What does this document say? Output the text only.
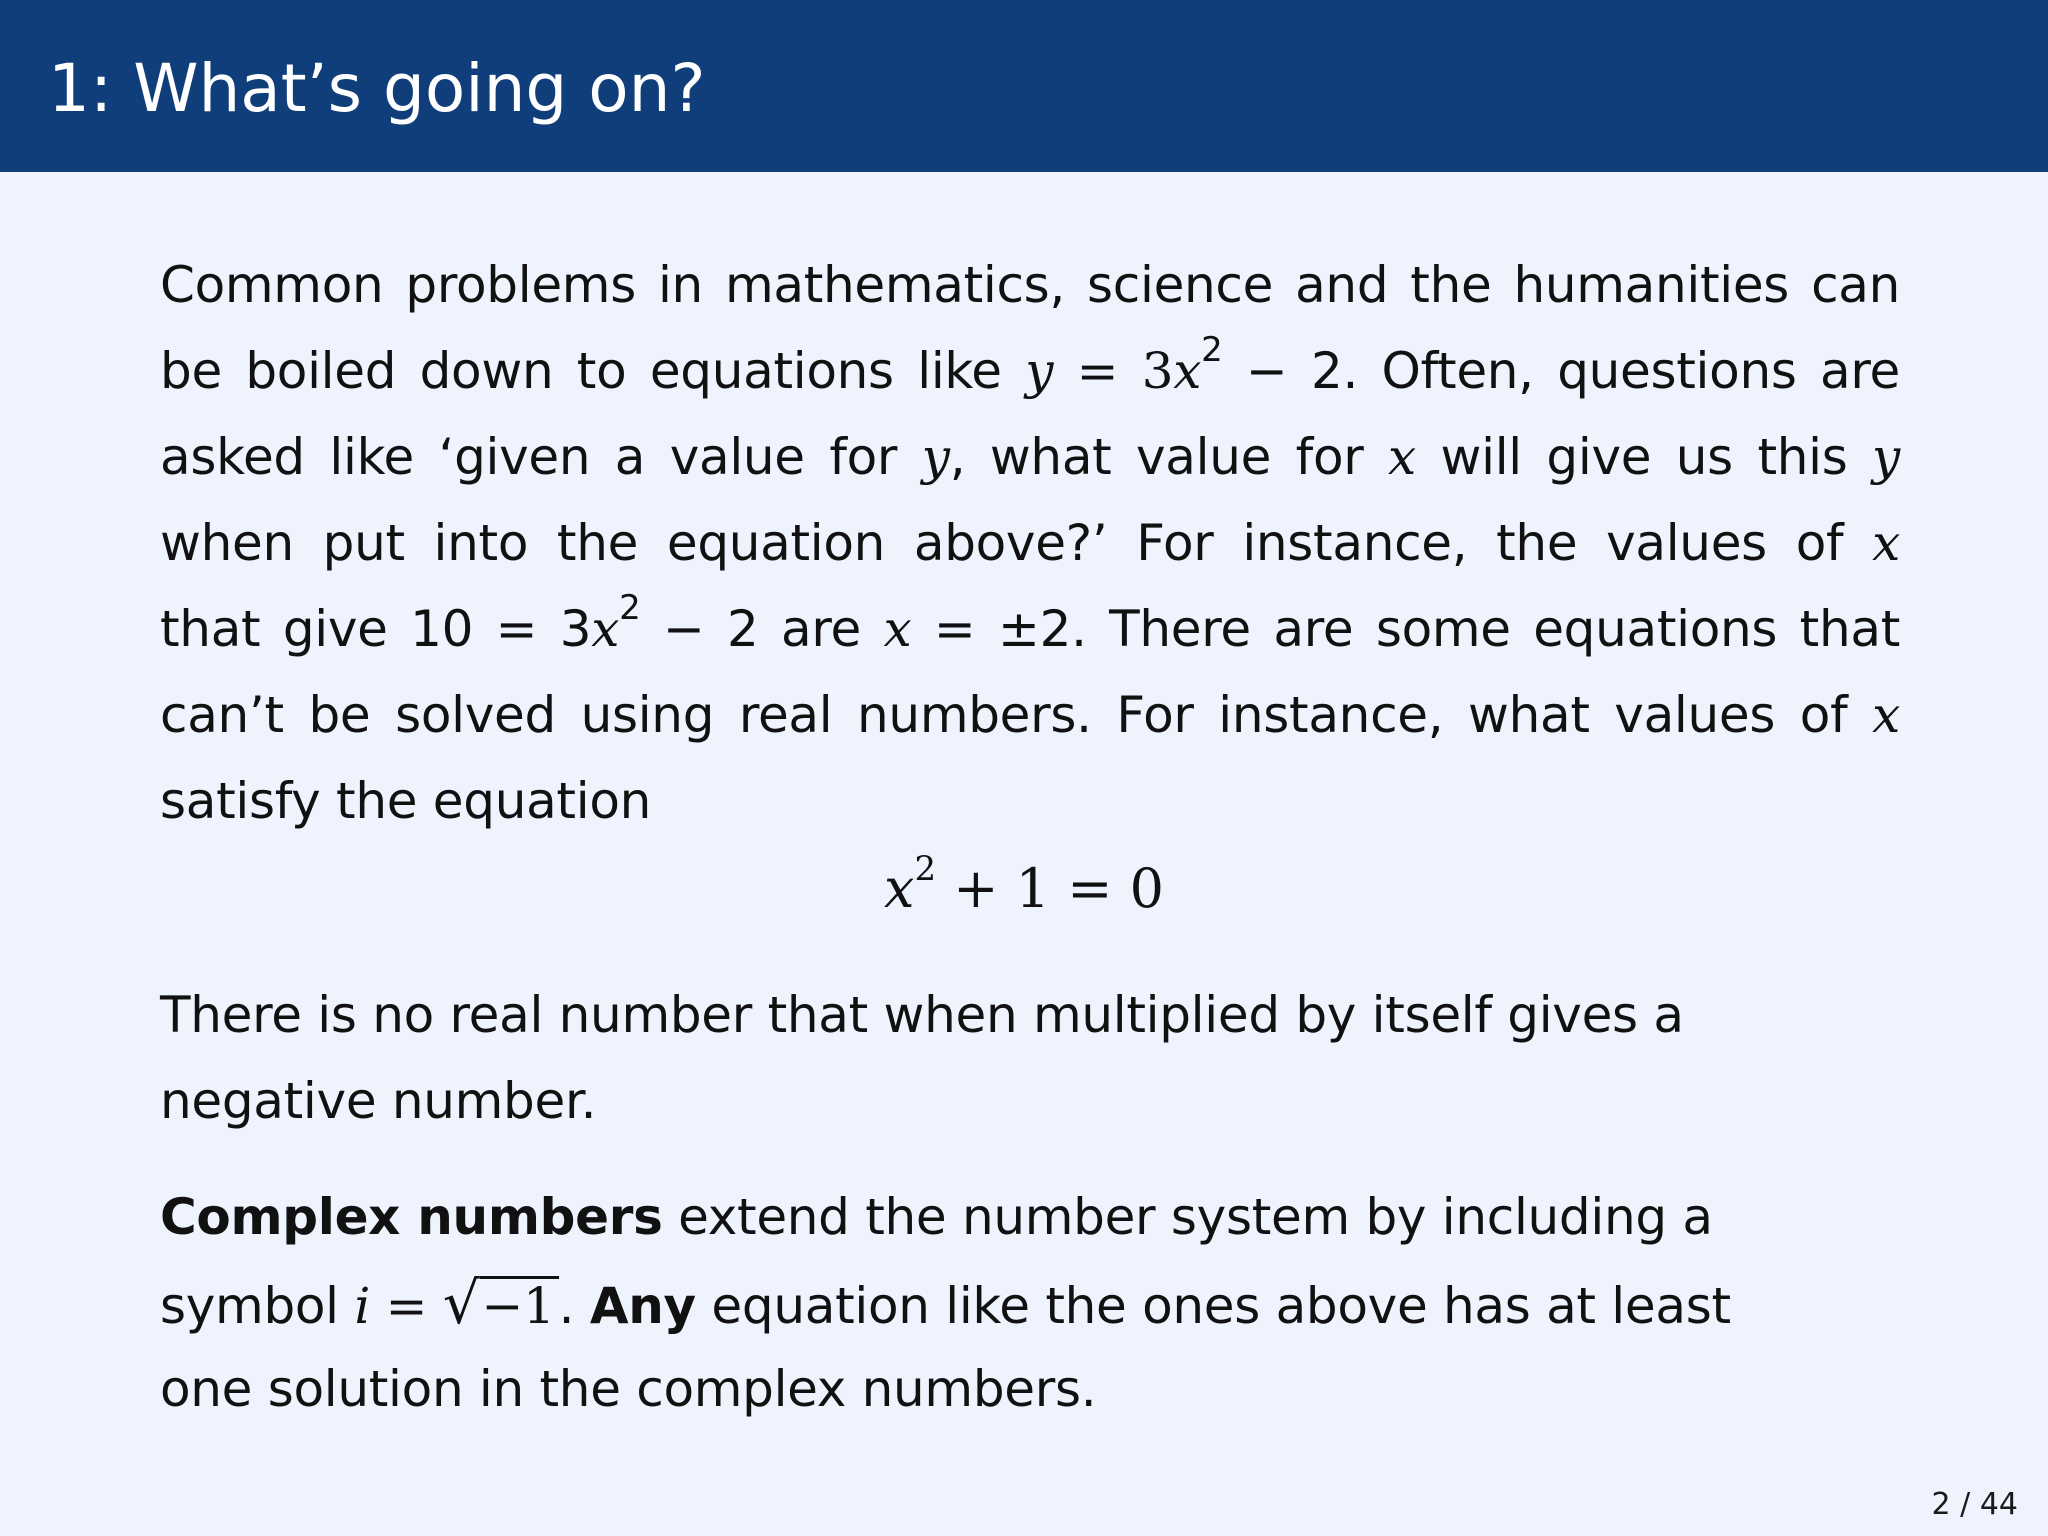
1: What’s going on?
Common problems in mathematics, science and the humanities can
be boiled down to equations like $y = 3x^2 - 2$. Often, questions are
asked like ‘given a value for y, what value for x will give us this y
when put into the equation above?’ For instance, the values of x
that give $10 = 3x^2 - 2$ are x = ±2. There are some equations that
can’t be solved using real numbers. For instance, what values of x
satisfy the equation
$x^2 + 1 = 0$
There is no real number that when multiplied by itself gives a
negative number.
Complex numbers extend the number system by including a
symbol i = √−1. Any equation like the ones above has at least
one solution in the complex numbers.
2 / 44
